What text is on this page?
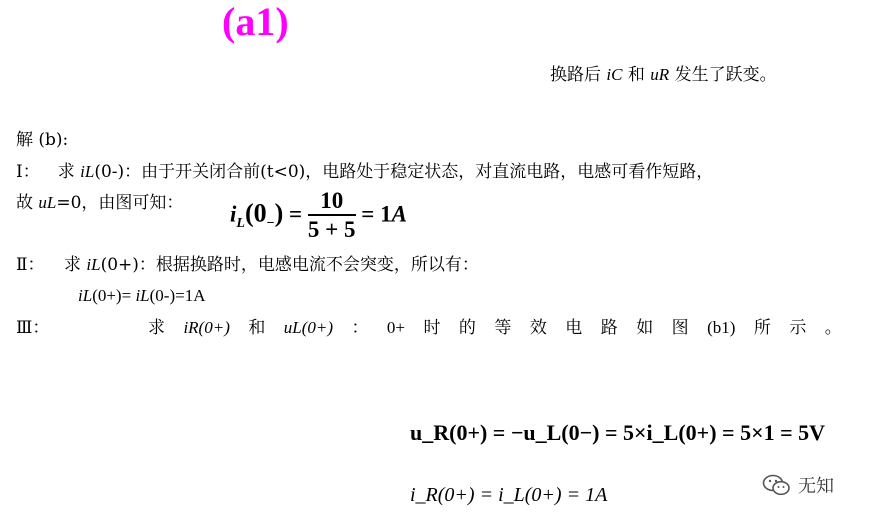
(a1)
换路后 iC 和 uR 发生了跃变。
解 (b):
Ⅰ： 求 iL(0-)：由于开关闭合前(t<0)，电路处于稳定状态，对直流电路，电感可看作短路，
故 uL=0，由图可知： $i_L(0_-) = \frac{10}{5 + 5} = 1A$
Ⅱ： 求 iL(0+)：根据换路时，电感电流不会突变，所以有：
iL(0+)= iL(0-)=1A
Ⅲ：	求 iR(0+) 和 uL(0+) ： 0+ 时 的 等 效 电 路 如 图 (b1) 所 示 。
u_R(0+) = −u_L(0−) = 5×i_L(0+) = 5×1 = 5V
i_R(0+) = i_L(0+) = 1A	无知
